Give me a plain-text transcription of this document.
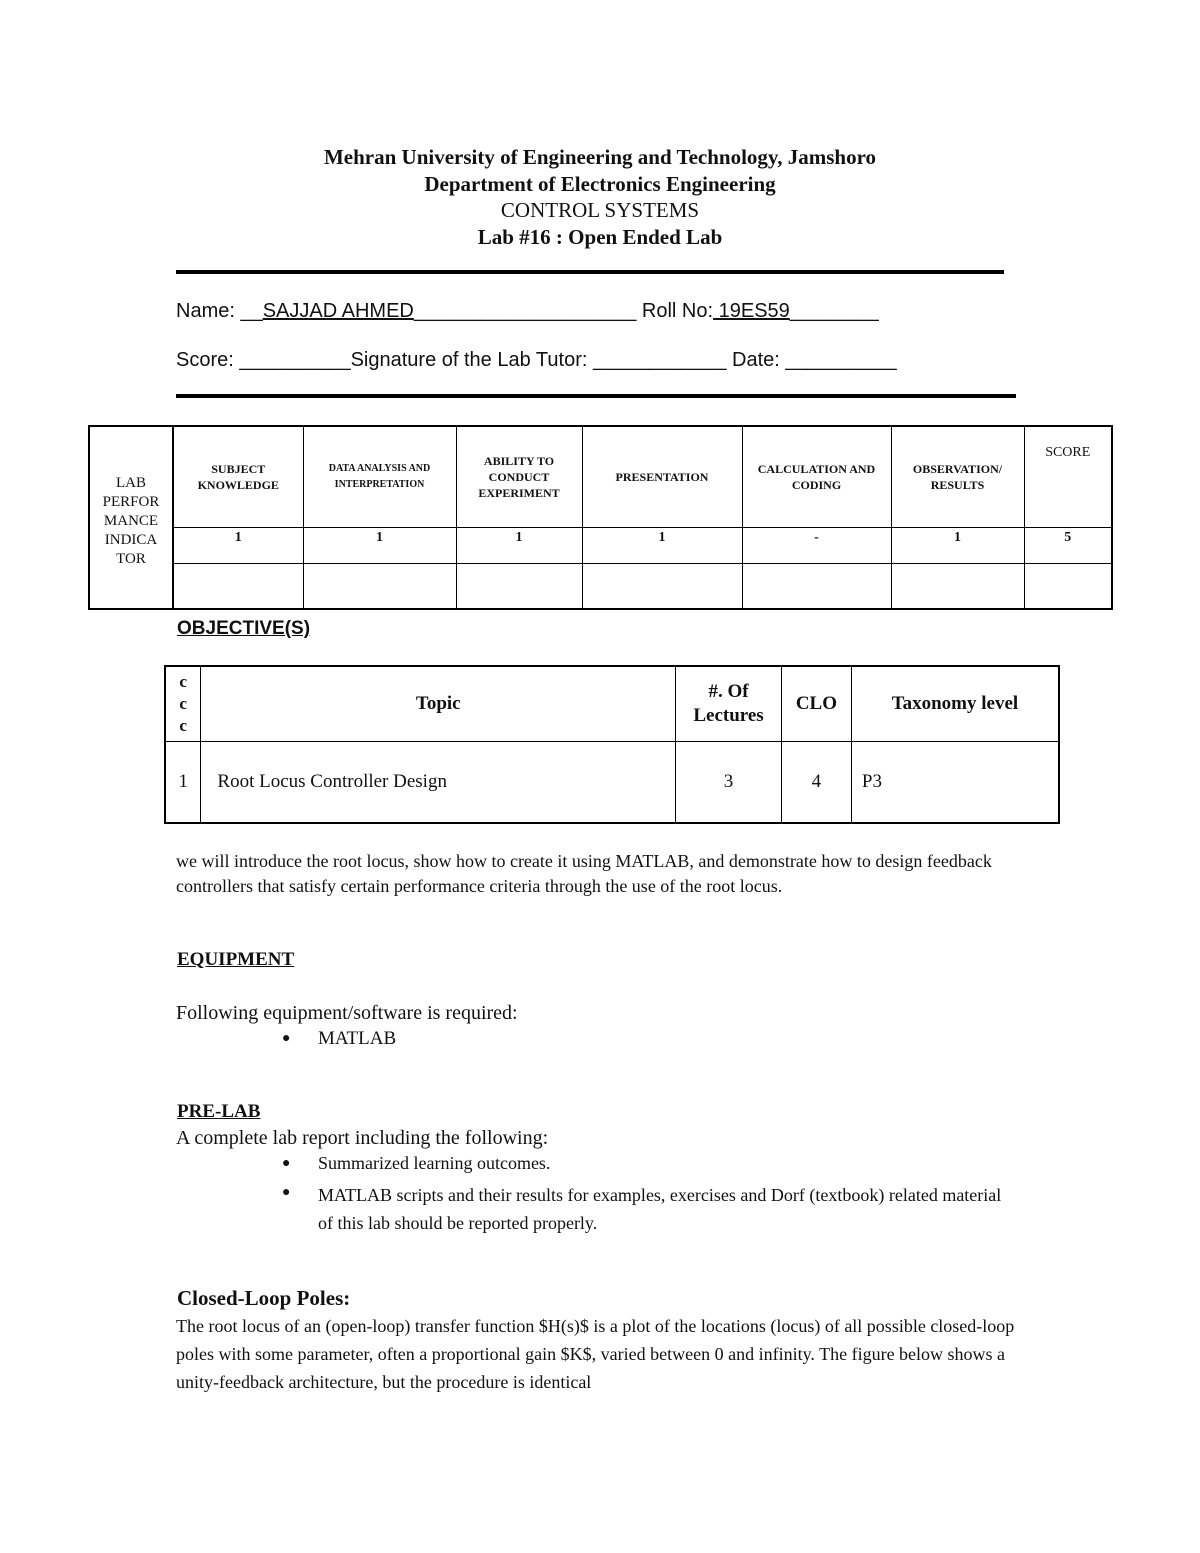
Mehran University of Engineering and Technology, Jamshoro
Department of Electronics Engineering
CONTROL SYSTEMS
Lab #16 : Open Ended Lab
Name: __SAJJAD AHMED____________________ Roll No: 19ES59________
Score: __________Signature of the Lab Tutor: ____________ Date: __________
LAB
PERFOR
MANCE
INDICA
TOR	SUBJECT KNOWLEDGE	DATA ANALYSIS AND INTERPRETATION	ABILITY TO CONDUCT EXPERIMENT	PRESENTATION	CALCULATION AND CODING	OBSERVATION/ RESULTS	SCORE
	1	1	1	1	-	1	5

OBJECTIVE(S)
c c c	Topic	#. Of Lectures	CLO	Taxonomy level
1	Root Locus Controller Design	3	4	P3
we will introduce the root locus, show how to create it using MATLAB, and demonstrate how to design feedback controllers that satisfy certain performance criteria through the use of the root locus.
EQUIPMENT
Following equipment/software is required:
● MATLAB
PRE-LAB
A complete lab report including the following:
● Summarized learning outcomes.
● MATLAB scripts and their results for examples, exercises and Dorf (textbook) related material of this lab should be reported properly.
Closed-Loop Poles:
The root locus of an (open-loop) transfer function $H(s)$ is a plot of the locations (locus) of all possible closed-loop poles with some parameter, often a proportional gain $K$, varied between 0 and infinity. The figure below shows a unity-feedback architecture, but the procedure is identical
